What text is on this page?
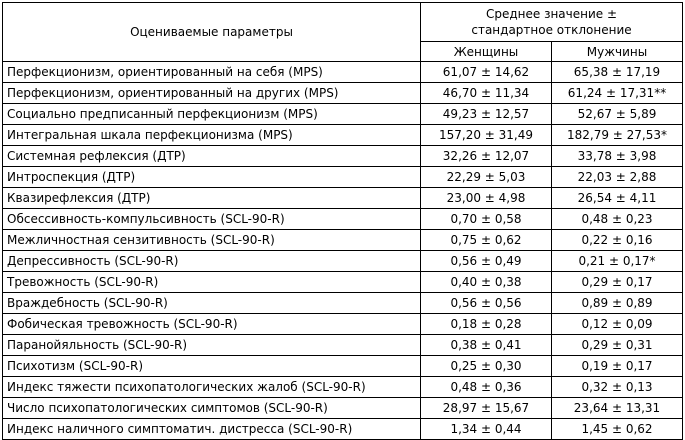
Оцениваемые параметры	Среднее значение ±
стандартное отклонение	
	Женщины	Мужчины
Перфекционизм, ориентированный на себя (MPS)	61,07 ± 14,62	65,38 ± 17,19
Перфекционизм, ориентированный на других (MPS)	46,70 ± 11,34	61,24 ± 17,31**
Социально предписанный перфекционизм (MPS)	49,23 ± 12,57	52,67 ± 5,89
Интегральная шкала перфекционизма (MPS)	157,20 ± 31,49	182,79 ± 27,53*
Системная рефлексия (ДТР)	32,26 ± 12,07	33,78 ± 3,98
Интроспекция (ДТР)	22,29 ± 5,03	22,03 ± 2,88
Квазирефлексия (ДТР)	23,00 ± 4,98	26,54 ± 4,11
Обсессивность-компульсивность (SCL-90-R)	0,70 ± 0,58	0,48 ± 0,23
Межличностная сензитивность (SCL-90-R)	0,75 ± 0,62	0,22 ± 0,16
Депрессивность (SCL-90-R)	0,56 ± 0,49	0,21 ± 0,17*
Тревожность (SCL-90-R)	0,40 ± 0,38	0,29 ± 0,17
Враждебность (SCL-90-R)	0,56 ± 0,56	0,89 ± 0,89
Фобическая тревожность (SCL-90-R)	0,18 ± 0,28	0,12 ± 0,09
Паранойяльность (SCL-90-R)	0,38 ± 0,41	0,29 ± 0,31
Психотизм (SCL-90-R)	0,25 ± 0,30	0,19 ± 0,17
Индекс тяжести психопатологических жалоб (SCL-90-R)	0,48 ± 0,36	0,32 ± 0,13
Число психопатологических симптомов (SCL-90-R)	28,97 ± 15,67	23,64 ± 13,31
Индекс наличного симптоматич. дистресса (SCL-90-R)	1,34 ± 0,44	1,45 ± 0,62
